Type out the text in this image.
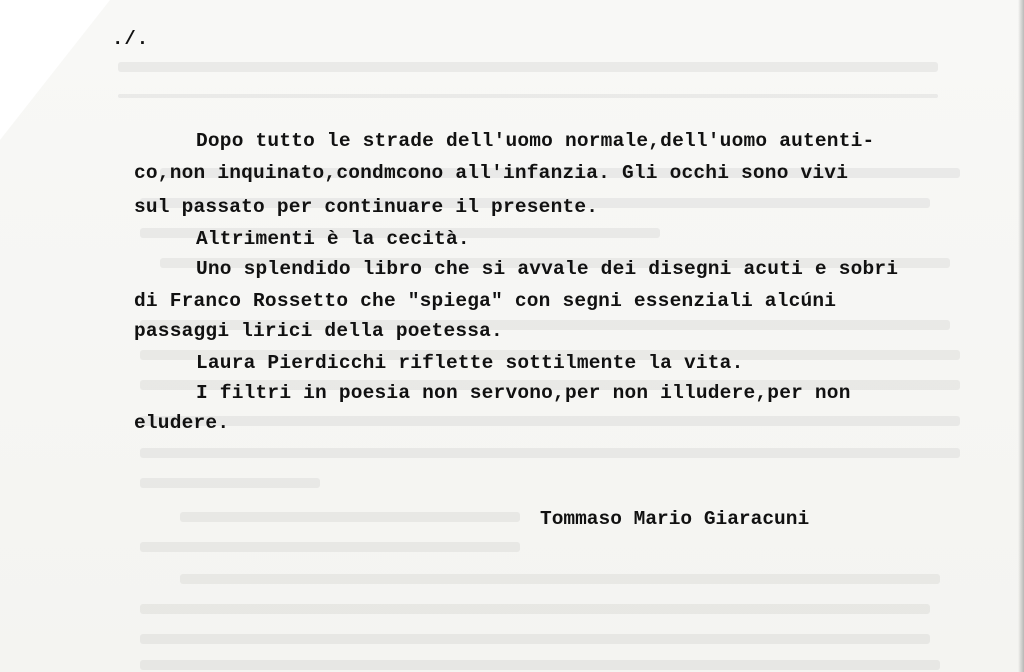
./.
Dopo tutto le strade dell'uomo normale,dell'uomo autenti-
co,non inquinato,condmcono all'infanzia. Gli occhi sono vivi
sul passato per continuare il presente.
Altrimenti è la cecità.
Uno splendido libro che si avvale dei disegni acuti e sobri
di Franco Rossetto che "spiega" con segni essenziali alcúni
passaggi lirici della poetessa.
Laura Pierdicchi riflette sottilmente la vita.
I filtri in poesia non servono,per non illudere,per non
eludere.
Tommaso Mario Giaracuni
